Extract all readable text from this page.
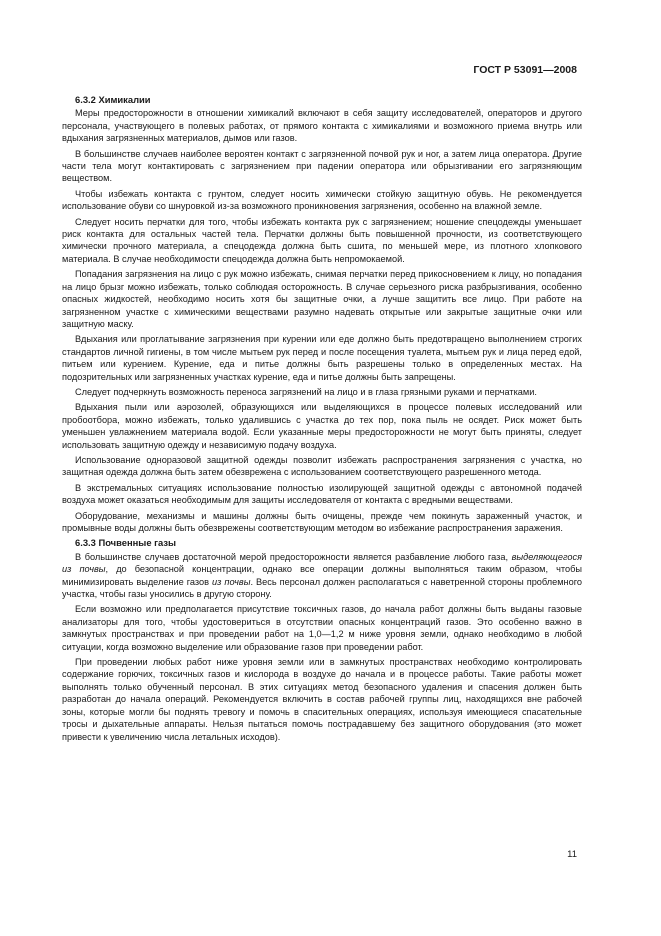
ГОСТ Р 53091—2008
6.3.2 Химикалии

Меры предосторожности в отношении химикалий включают в себя защиту исследователей, операторов и другого персонала, участвующего в полевых работах, от прямого контакта с химикалиями и возможного приема внутрь или вдыхания загрязненных материалов, дымов или газов.

В большинстве случаев наиболее вероятен контакт с загрязненной почвой рук и ног, а затем лица оператора. Другие части тела могут контактировать с загрязнением при падении оператора или обрызгивании его загрязняющим веществом.

Чтобы избежать контакта с грунтом, следует носить химически стойкую защитную обувь. Не рекомендуется использование обуви со шнуровкой из-за возможного проникновения загрязнения, особенно на влажной земле.

Следует носить перчатки для того, чтобы избежать контакта рук с загрязнением; ношение спецодежды уменьшает риск контакта для остальных частей тела. Перчатки должны быть повышенной прочности, из соответствующего химически прочного материала, а спецодежда должна быть сшита, по меньшей мере, из плотного хлопкового материала. В случае необходимости спецодежда должна быть непромокаемой.

Попадания загрязнения на лицо с рук можно избежать, снимая перчатки перед прикосновением к лицу, но попадания на лицо брызг можно избежать, только соблюдая осторожность. В случае серьезного риска разбрызгивания, особенно опасных жидкостей, необходимо носить хотя бы защитные очки, а лучше защитить все лицо. При работе на загрязненном участке с химическими веществами разумно надевать открытые или закрытые защитные очки или защитную маску.

Вдыхания или проглатывание загрязнения при курении или еде должно быть предотвращено выполнением строгих стандартов личной гигиены, в том числе мытьем рук перед и после посещения туалета, мытьем рук и лица перед едой, питьем или курением. Курение, еда и питье должны быть разрешены только в определенных местах. На подозрительных или загрязненных участках курение, еда и питье должны быть запрещены.

Следует подчеркнуть возможность переноса загрязнений на лицо и в глаза грязными руками и перчатками.

Вдыхания пыли или аэрозолей, образующихся или выделяющихся в процессе полевых исследований или пробоотбора, можно избежать, только удалившись с участка до тех пор, пока пыль не осядет. Риск может быть уменьшен увлажнением материала водой. Если указанные меры предосторожности не могут быть приняты, следует использовать защитную одежду и независимую подачу воздуха.

Использование одноразовой защитной одежды позволит избежать распространения загрязнения с участка, но защитная одежда должна быть затем обезврежена с использованием соответствующего разрешенного метода.

В экстремальных ситуациях использование полностью изолирующей защитной одежды с автономной подачей воздуха может оказаться необходимым для защиты исследователя от контакта с вредными веществами.

Оборудование, механизмы и машины должны быть очищены, прежде чем покинуть зараженный участок, и промывные воды должны быть обезврежены соответствующим методом во избежание распространения заражения.

6.3.3 Почвенные газы

В большинстве случаев достаточной мерой предосторожности является разбавление любого газа, выделяющегося из почвы, до безопасной концентрации, однако все операции должны выполняться таким образом, чтобы минимизировать выделение газов из почвы. Весь персонал должен располагаться с наветренной стороны проблемного участка, чтобы газы уносились в другую сторону.

Если возможно или предполагается присутствие токсичных газов, до начала работ должны быть выданы газовые анализаторы для того, чтобы удостовериться в отсутствии опасных концентраций газов. Это особенно важно в замкнутых пространствах и при проведении работ на 1,0—1,2 м ниже уровня земли, однако необходимо в любой ситуации, когда возможно выделение или образование газов при проведении работ.

При проведении любых работ ниже уровня земли или в замкнутых пространствах необходимо контролировать содержание горючих, токсичных газов и кислорода в воздухе до начала и в процессе работы. Такие работы может выполнять только обученный персонал. В этих ситуациях метод безопасного удаления и спасения должен быть разработан до начала операций. Рекомендуется включить в состав рабочей группы лиц, находящихся вне рабочей зоны, которые могли бы поднять тревогу и помочь в спасительных операциях, используя имеющиеся спасательные тросы и дыхательные аппараты. Нельзя пытаться помочь пострадавшему без защитного оборудования (это может привести к увеличению числа летальных исходов).

11
